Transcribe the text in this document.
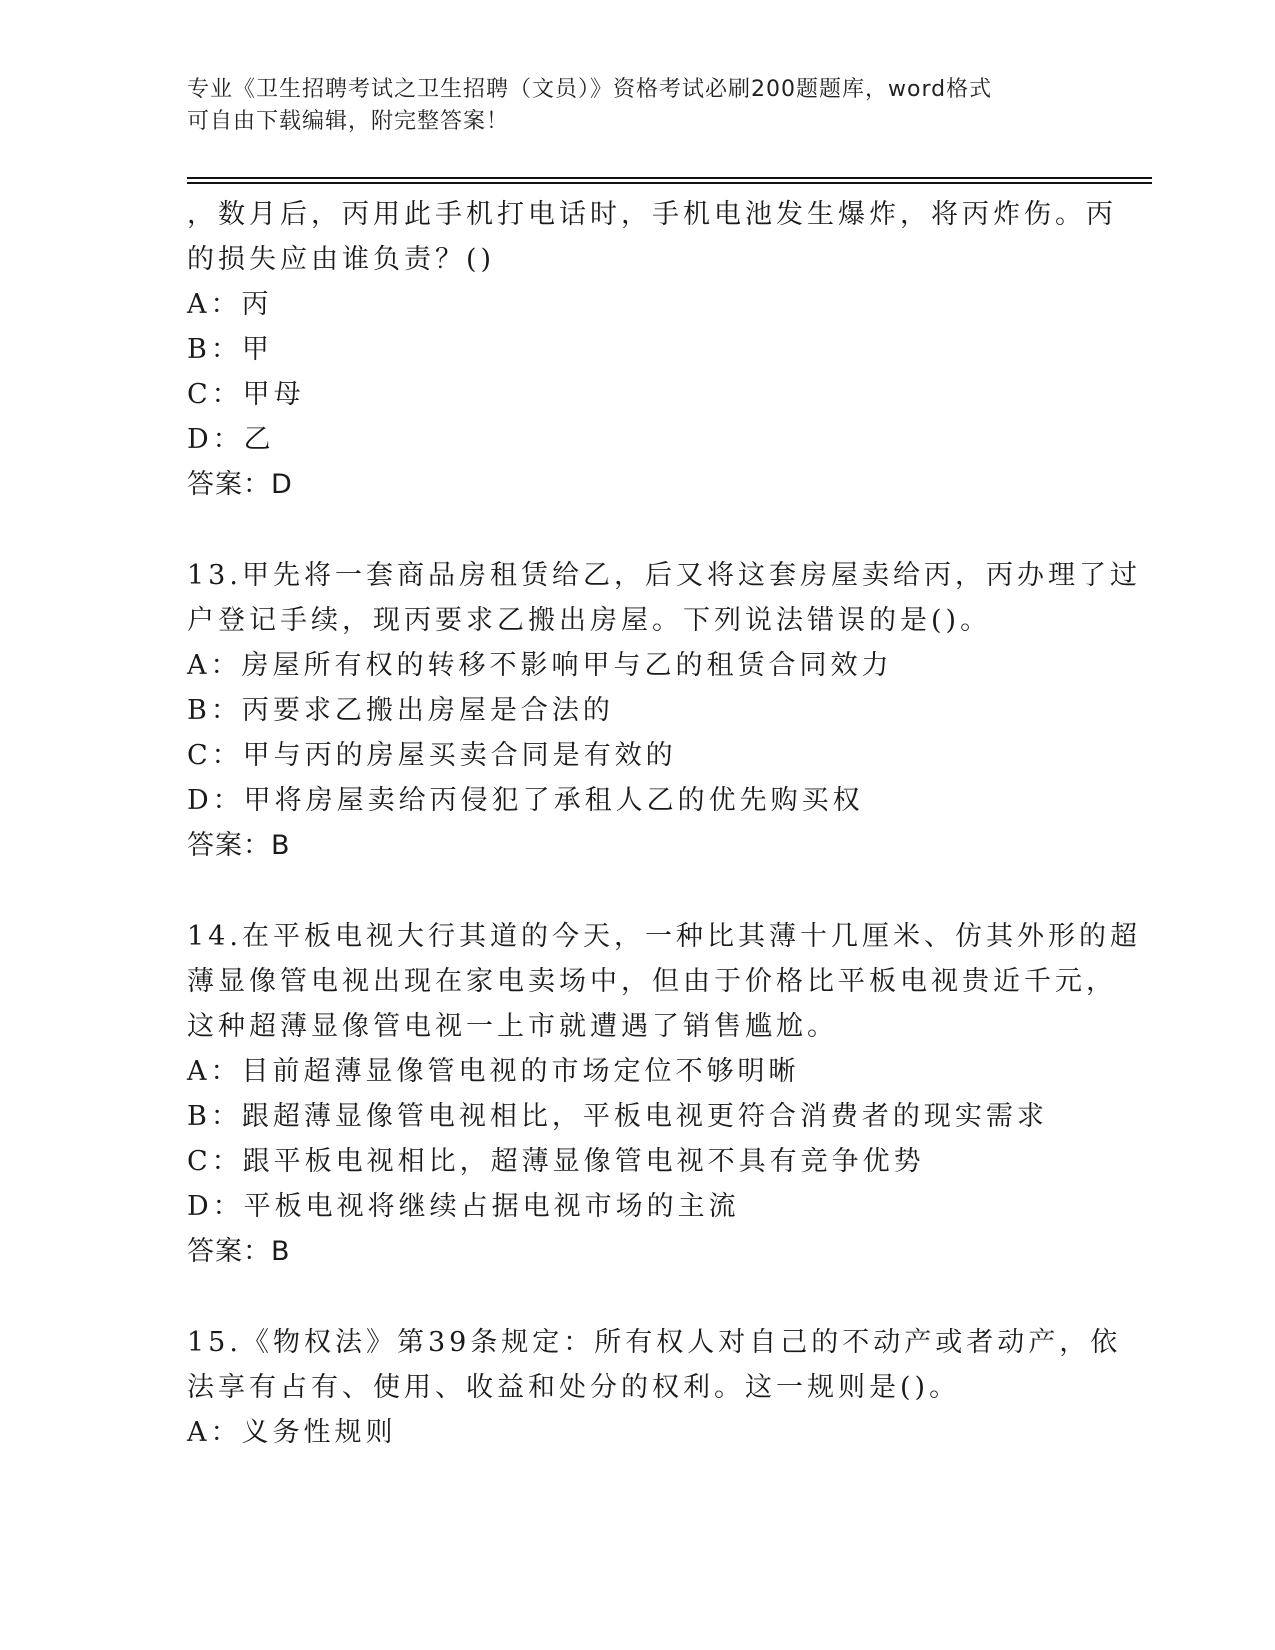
专业《卫生招聘考试之卫生招聘（文员）》资格考试必刷200题题库，word格式
可自由下载编辑，附完整答案！
，数月后，丙用此手机打电话时，手机电池发生爆炸，将丙炸伤。丙
的损失应由谁负责？()
A：丙
B：甲
C：甲母
D：乙
答案：D
13.甲先将一套商品房租赁给乙，后又将这套房屋卖给丙，丙办理了过
户登记手续，现丙要求乙搬出房屋。下列说法错误的是()。
A：房屋所有权的转移不影响甲与乙的租赁合同效力
B：丙要求乙搬出房屋是合法的
C：甲与丙的房屋买卖合同是有效的
D：甲将房屋卖给丙侵犯了承租人乙的优先购买权
答案：B
14.在平板电视大行其道的今天，一种比其薄十几厘米、仿其外形的超
薄显像管电视出现在家电卖场中，但由于价格比平板电视贵近千元，
这种超薄显像管电视一上市就遭遇了销售尴尬。
A：目前超薄显像管电视的市场定位不够明晰
B：跟超薄显像管电视相比，平板电视更符合消费者的现实需求
C：跟平板电视相比，超薄显像管电视不具有竞争优势
D：平板电视将继续占据电视市场的主流
答案：B
15.《物权法》第39条规定：所有权人对自己的不动产或者动产，依
法享有占有、使用、收益和处分的权利。这一规则是()。
A：义务性规则
